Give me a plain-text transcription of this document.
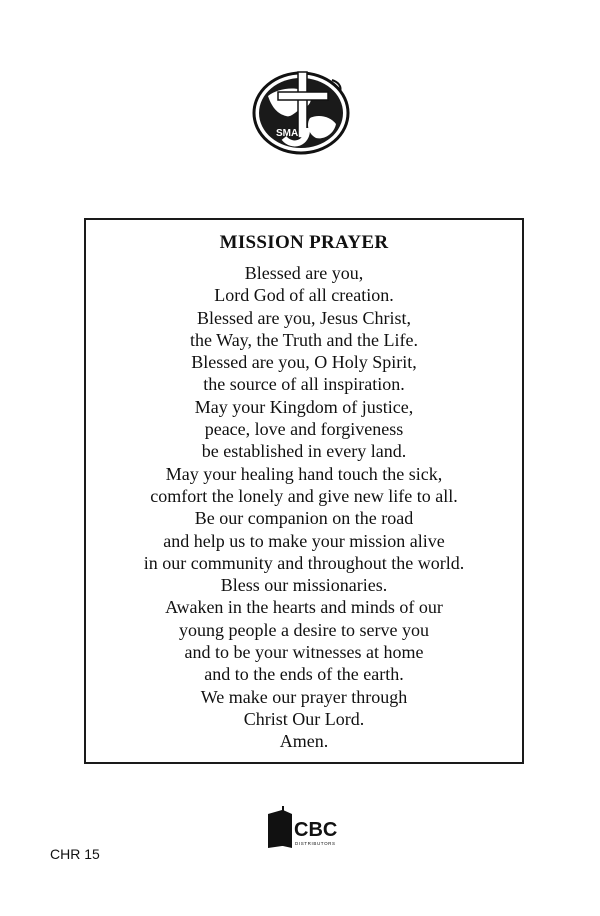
SMA
MISSION PRAYER
Blessed are you,
Lord God of all creation.
Blessed are you, Jesus Christ,
the Way, the Truth and the Life.
Blessed are you, O Holy Spirit,
the source of all inspiration.
May your Kingdom of justice,
peace, love and forgiveness
be established in every land.
May your healing hand touch the sick,
comfort the lonely and give new life to all.
Be our companion on the road
and help us to make your mission alive
in our community and throughout the world.
Bless our missionaries.
Awaken in the hearts and minds of our
young people a desire to serve you
and to be your witnesses at home
and to the ends of the earth.
We make our prayer through
Christ Our Lord.
Amen.
CBC
DISTRIBUTORS
CHR 15
